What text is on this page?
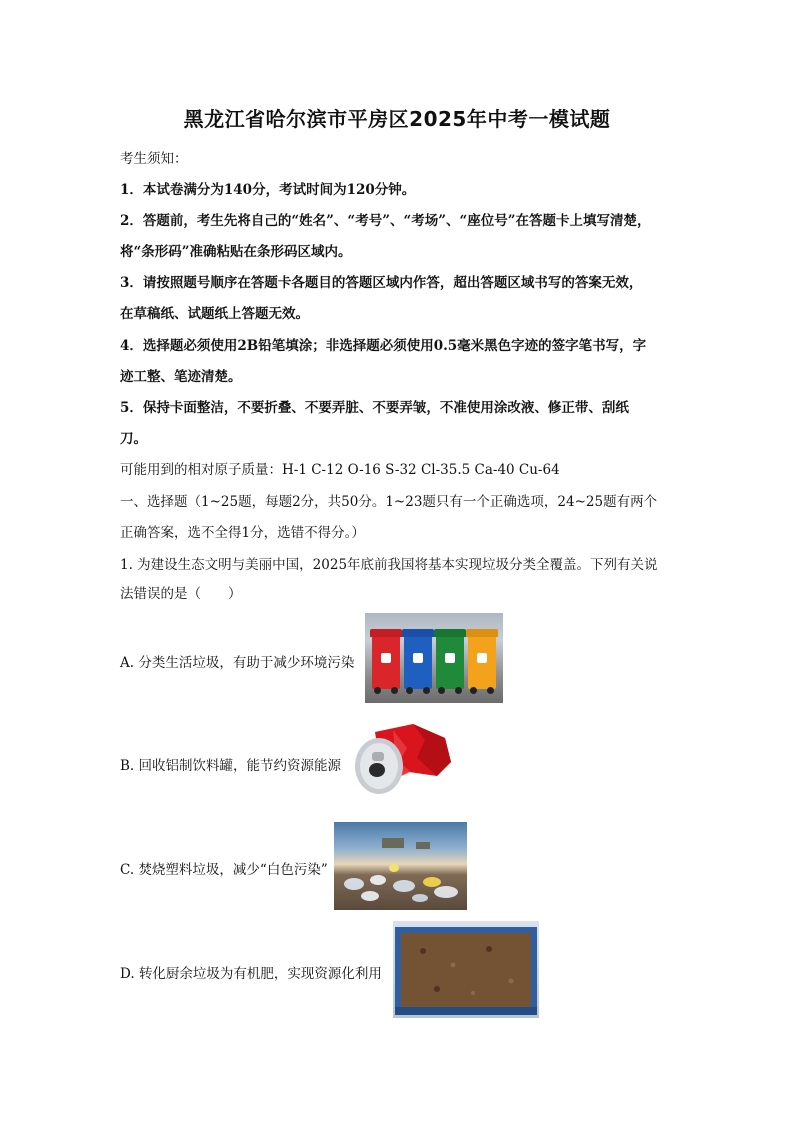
黑龙江省哈尔滨市平房区2025年中考一模试题
考生须知：
1．本试卷满分为140分，考试时间为120分钟。
2．答题前，考生先将自己的“姓名”、“考号”、“考场”、“座位号”在答题卡上填写清楚，
将“条形码”准确粘贴在条形码区域内。
3．请按照题号顺序在答题卡各题目的答题区域内作答，超出答题区域书写的答案无效，
在草稿纸、试题纸上答题无效。
4．选择题必须使用2B铅笔填涂；非选择题必须使用0.5毫米黑色字迹的签字笔书写，字
迹工整、笔迹清楚。
5．保持卡面整洁，不要折叠、不要弄脏、不要弄皱，不准使用涂改液、修正带、刮纸
刀。
可能用到的相对原子质量：H-1 C-12 O-16 S-32 Cl-35.5 Ca-40 Cu-64
一、选择题（1~25题，每题2分，共50分。1~23题只有一个正确选项，24~25题有两个
正确答案，选不全得1分，选错不得分。）
1. 为建设生态文明与美丽中国，2025年底前我国将基本实现垃圾分类全覆盖。下列有关说
法错误的是（　　）
A. 分类生活垃圾，有助于减少环境污染
B. 回收铝制饮料罐，能节约资源能源
C. 焚烧塑料垃圾，减少“白色污染”
D. 转化厨余垃圾为有机肥，实现资源化利用
